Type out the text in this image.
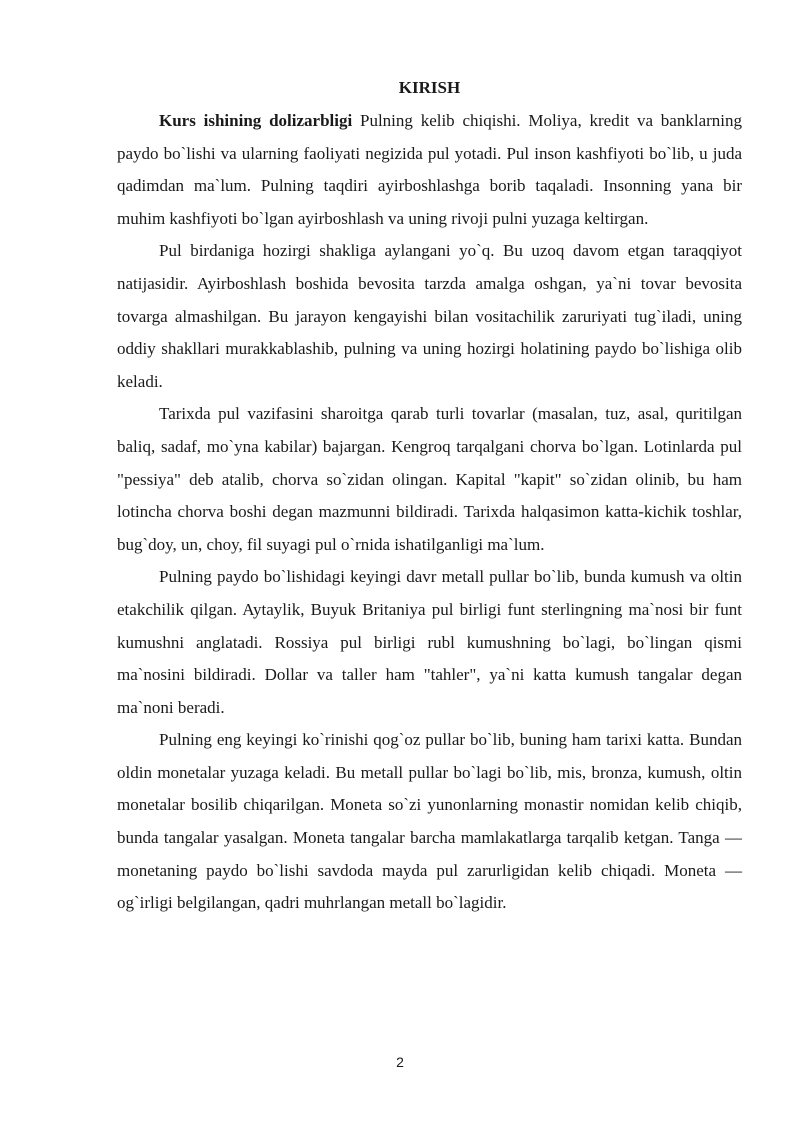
KIRISH

Kurs ishining dolizarbligi Pulning kelib chiqishi. Moliya, kredit va banklarning paydo bo`lishi va ularning faoliyati negizida pul yotadi. Pul inson kashfiyoti bo`lib, u juda qadimdan ma`lum. Pulning taqdiri ayirboshlashga borib taqaladi. Insonning yana bir muhim kashfiyoti bo`lgan ayirboshlash va uning rivoji pulni yuzaga keltirgan.

Pul birdaniga hozirgi shakliga aylangani yo`q. Bu uzoq davom etgan taraqqiyot natijasidir. Ayirboshlash boshida bevosita tarzda amalga oshgan, ya`ni tovar bevosita tovarga almashilgan. Bu jarayon kengayishi bilan vositachilik zaruriyati tug`iladi, uning oddiy shakllari murakkablashib, pulning va uning hozirgi holatining paydo bo`lishiga olib keladi.

Tarixda pul vazifasini sharoitga qarab turli tovarlar (masalan, tuz, asal, quritilgan baliq, sadaf, mo`yna kabilar) bajargan. Kengroq tarqalgani chorva bo`lgan. Lotinlarda pul "pessiya" deb atalib, chorva so`zidan olingan. Kapital "kapit" so`zidan olinib, bu ham lotincha chorva boshi degan mazmunni bildiradi. Tarixda halqasimon katta-kichik toshlar, bug`doy, un, choy, fil suyagi pul o`rnida ishatilganligi ma`lum.

Pulning paydo bo`lishidagi keyingi davr metall pullar bo`lib, bunda kumush va oltin etakchilik qilgan. Aytaylik, Buyuk Britaniya pul birligi funt sterlingning ma`nosi bir funt kumushni anglatadi. Rossiya pul birligi rubl kumushning bo`lagi, bo`lingan qismi ma`nosini bildiradi. Dollar va taller ham "tahler", ya`ni katta kumush tangalar degan ma`noni beradi.

Pulning eng keyingi ko`rinishi qog`oz pullar bo`lib, buning ham tarixi katta. Bundan oldin monetalar yuzaga keladi. Bu metall pullar bo`lagi bo`lib, mis, bronza, kumush, oltin monetalar bosilib chiqarilgan. Moneta so`zi yunonlarning monastir nomidan kelib chiqib, bunda tangalar yasalgan. Moneta tangalar barcha mamlakatlarga tarqalib ketgan. Tanga — monetaning paydo bo`lishi savdoda mayda pul zarurligidan kelib chiqadi. Moneta — og`irligi belgilangan, qadri muhrlangan metall bo`lagidir.

2
